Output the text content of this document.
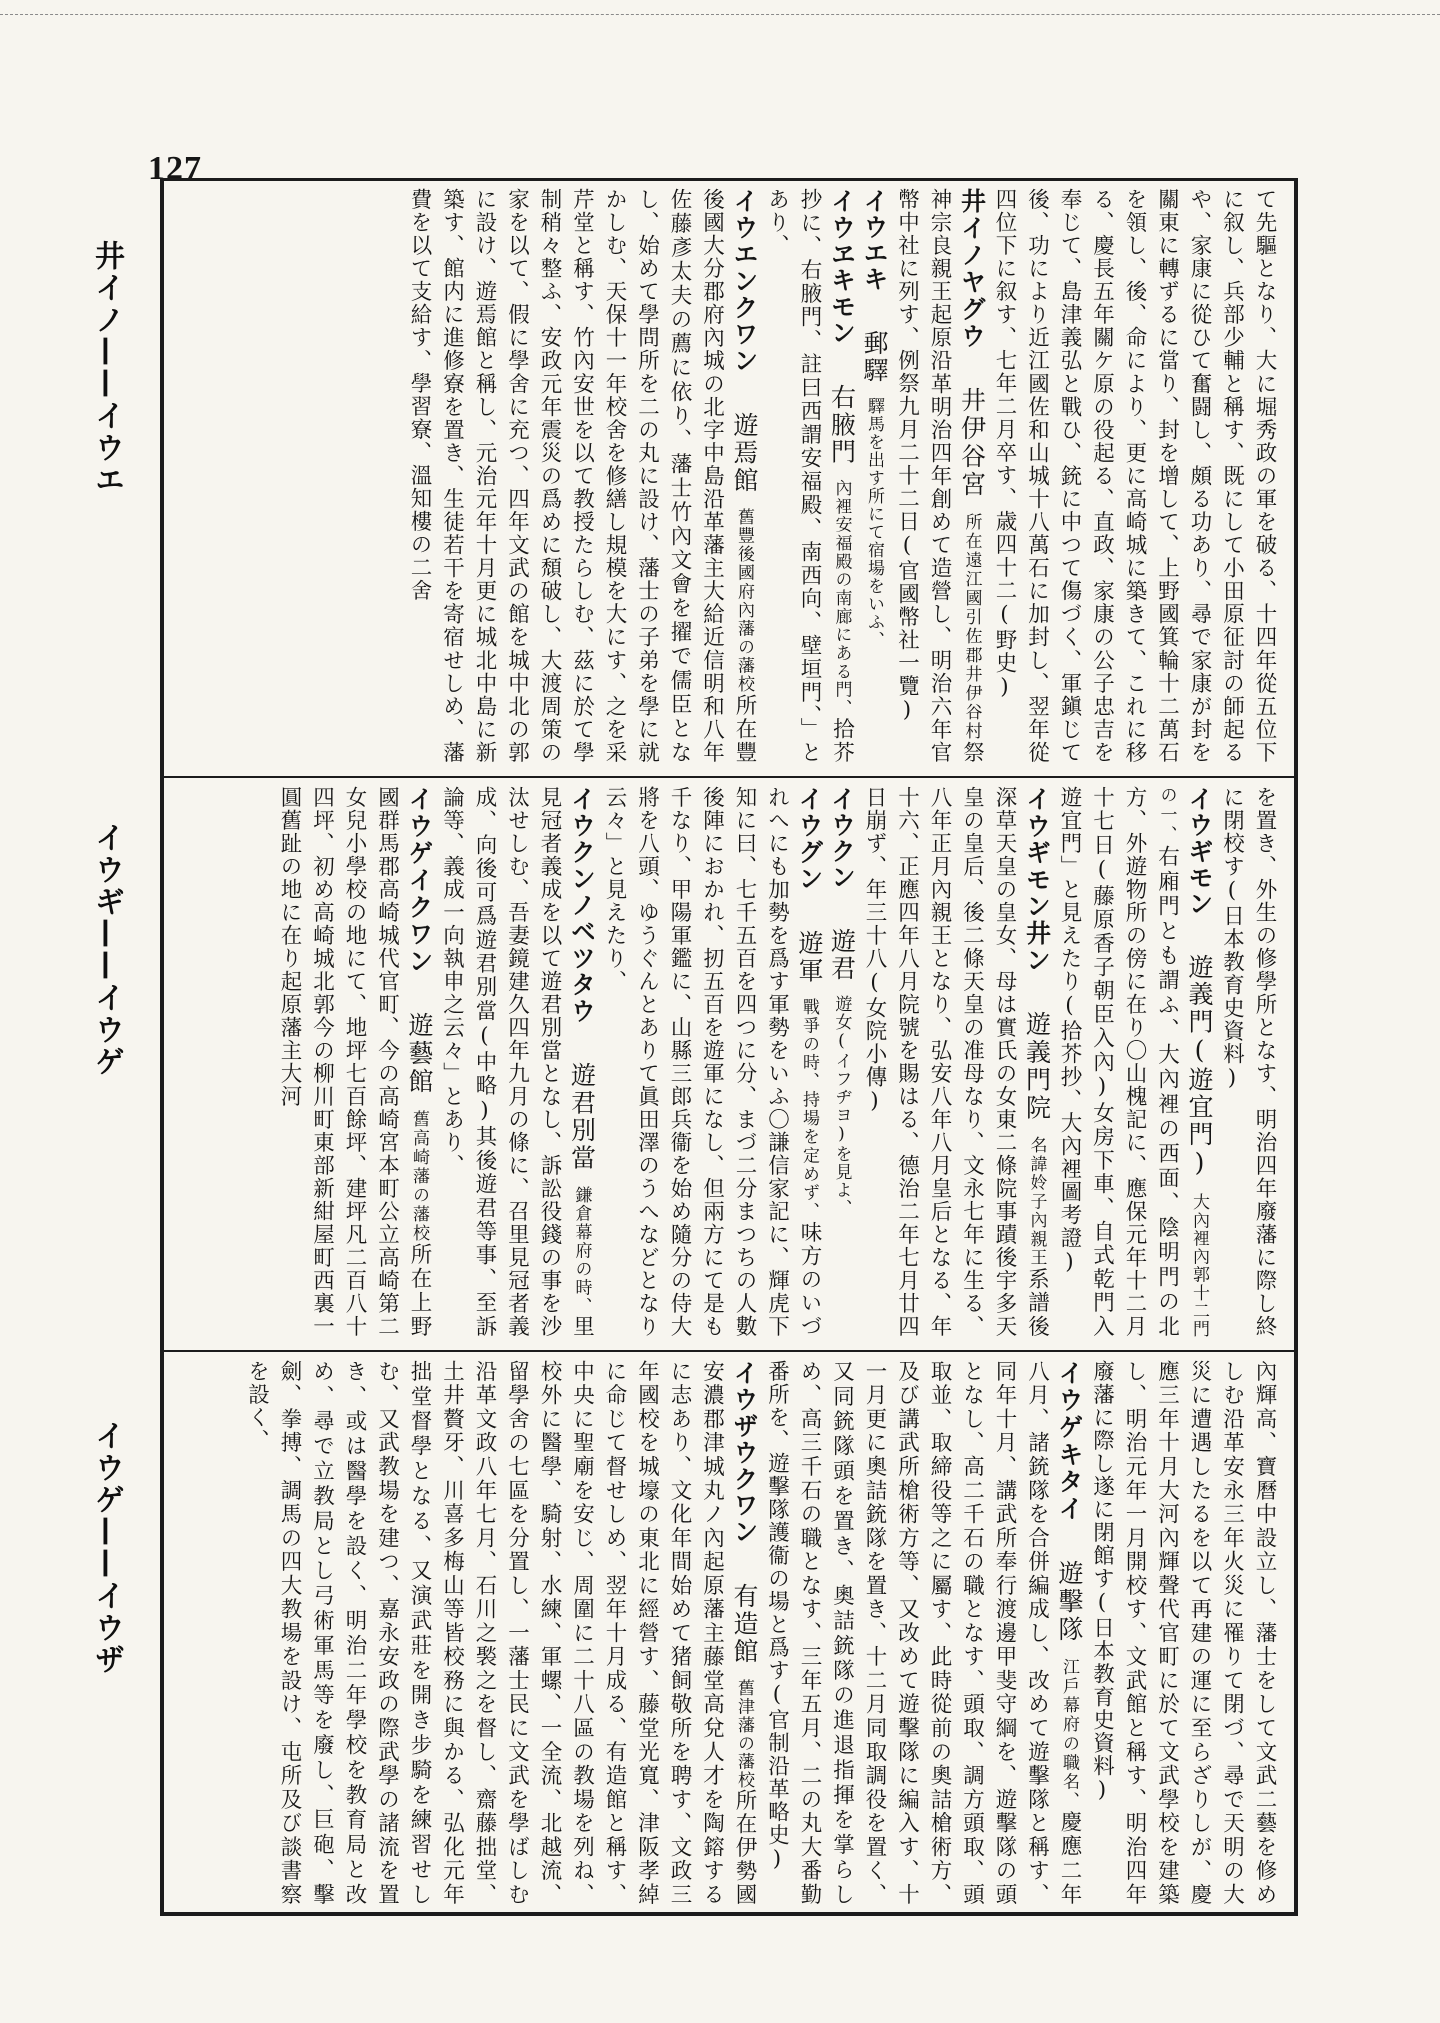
127
井イノ——イウエ
イウギ——イウゲ
イウゲ——イウザ
て先驅となり、大に堀秀政の軍を破る、十四年從五位下に叙し、兵部少輔と稱す、既にして小田原征討の師起るや、家康に從ひて奮闘し、頗る功あり、尋で家康が封を關東に轉ずるに當り、封を增して、上野國箕輪十二萬石を領し、後、命により、更に高崎城に築きて、これに移る、慶長五年關ケ原の役起る、直政、家康の公子忠吉を奉じて、島津義弘と戰ひ、銃に中つて傷づく、軍鎭じて後、功により近江國佐和山城十八萬石に加封し、翌年從四位下に叙す、七年二月卒す、歳四十二(野史)
井イノヤグウ井伊谷宮所在遠江國引佐郡井伊谷村祭神宗良親王起原沿革明治四年創めて造營し、明治六年官幣中社に列す、例祭九月二十二日(官國幣社一覽)
イウエキ郵驛驛馬を出す所にて宿場をいふ、
イウヱキモン右腋門內裡安福殿の南廊にある門、拾芥抄に、右腋門、註曰西謂安福殿、南西向、壁垣門、」とあり、
イウエンクワン遊焉館舊豐後國府內藩の藩校所在豐後國大分郡府內城の北字中島沿革藩主大給近信明和八年佐藤彥太夫の薦に依り、藩士竹內文會を擢で儒臣となし、始めて學問所を二の丸に設け、藩士の子弟を學に就かしむ、天保十一年校舍を修繕し規模を大にす、之を采芹堂と稱す、竹內安世を以て教授たらしむ、茲に於て學制稍々整ふ、安政元年震災の爲めに頹破し、大渡周策の家を以て、假に學舍に充つ、四年文武の館を城中北の郭に設け、遊焉館と稱し、元治元年十月更に城北中島に新築す、館内に進修寮を置き、生徒若干を寄宿せしめ、藩費を以て支給す、學習寮、溫知樓の二舍
を置き、外生の修學所となす、明治四年廢藩に際し終に閉校す(日本教育史資料)
イウギモン遊義門(遊宜門)大內裡內郭十二門の一、右廂門とも謂ふ、大內裡の西面、陰明門の北方、外遊物所の傍に在り〇山槐記に、應保元年十二月十七日(藤原香子朝臣入內)女房下車、自式乾門入遊宜門」と見えたり(拾芥抄、大內裡圖考證)
イウギモン井ン遊義門院名諱姈子內親王系譜後深草天皇の皇女、母は實氏の女東二條院事蹟後宇多天皇の皇后、後二條天皇の准母なり、文永七年に生る、八年正月內親王となり、弘安八年八月皇后となる、年十六、正應四年八月院號を賜はる、德治二年七月廿四日崩ず、年三十八(女院小傳)
イウクン遊君遊女(イフヂヨ)を見よ、
イウグン遊軍戰爭の時、持場を定めず、味方のいづれへにも加勢を爲す軍勢をいふ〇謙信家記に、輝虎下知に曰、七千五百を四つに分、まづ二分まつちの人數後陣におかれ、扨五百を遊軍になし、但兩方にて是も千なり、甲陽軍鑑に、山縣三郎兵衞を始め隨分の侍大將を八頭、ゆうぐんとありて眞田澤のうへなどとなり云々」と見えたり、
イウクンノベツタウ遊君別當鎌倉幕府の時、里見冠者義成を以て遊君別當となし、訴訟役錢の事を沙汰せしむ、吾妻鏡建久四年九月の條に、召里見冠者義成、向後可爲遊君別當(中略)其後遊君等事、至訴論等、義成一向執申之云々」とあり、
イウゲイクワン遊藝館舊高崎藩の藩校所在上野國群馬郡高崎城代官町、今の高崎宮本町公立高崎第二女兒小學校の地にて、地坪七百餘坪、建坪凡二百八十四坪、初め高崎城北郭今の柳川町東部新紺屋町西裏一圓舊趾の地に在り起原藩主大河
內輝高、寶曆中設立し、藩士をして文武二藝を修めしむ沿革安永三年火災に罹りて閉づ、尋で天明の大災に遭遇したるを以て再建の運に至らざりしが、慶應三年十月大河內輝聲代官町に於て文武學校を建築し、明治元年一月開校す、文武館と稱す、明治四年廢藩に際し遂に閉館す(日本教育史資料)
イウゲキタイ遊擊隊江戶幕府の職名、慶應二年八月、諸銃隊を合併編成し、改めて遊擊隊と稱す、同年十月、講武所奉行渡邊甲斐守綱を、遊擊隊の頭となし、高二千石の職となす、頭取、調方頭取、頭取並、取締役等之に屬す、此時從前の奧詰槍術方、及び講武所槍術方等、又改めて遊擊隊に編入す、十一月更に奧詰銃隊を置き、十二月同取調役を置く、又同銃隊頭を置き、奧詰銃隊の進退指揮を掌らしめ、高三千石の職となす、三年五月、二の丸大番勤番所を、遊擊隊護衞の場と爲す(官制沿革略史)
イウザウクワン有造館舊津藩の藩校所在伊勢國安濃郡津城丸ノ內起原藩主藤堂高兌人才を陶鎔するに志あり、文化年間始めて猪飼敬所を聘す、文政三年國校を城壕の東北に經營す、藤堂光寬、津阪孝綽に命じて督せしめ、翌年十月成る、有造館と稱す、中央に聖廟を安じ、周圍に二十八區の教場を列ね、校外に醫學、騎射、水練、軍螺、一全流、北越流、留學舍の七區を分置し、一藩士民に文武を學ばしむ沿革文政八年七月、石川之褧之を督し、齋藤拙堂、土井贅牙、川喜多梅山等皆校務に與かる、弘化元年拙堂督學となる、又演武莊を開き步騎を練習せしむ、又武教場を建つ、嘉永安政の際武學の諸流を置き、或は醫學を設く、明治二年學校を教育局と改め、尋で立教局とし弓術軍馬等を廢し、巨砲、擊劍、拳搏、調馬の四大教場を設け、屯所及び談書察を設く、
